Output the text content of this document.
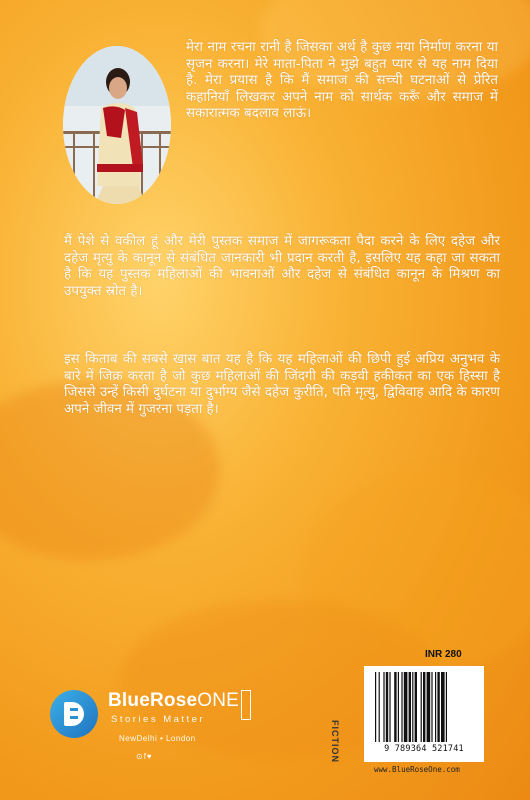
मेरा नाम रचना रानी है जिसका अर्थ है कुछ नया निर्माण करना या सृजन करना। मेरे माता-पिता ने मुझे बहुत प्यार से यह नाम दिया है. मेरा प्रयास है कि मैं समाज की सच्ची घटनाओं से प्रेरित कहानियाँ लिखकर अपने नाम को सार्थक करूँ और समाज में सकारात्मक बदलाव लाऊं।

मैं पेशे से वकील हूं और मेरी पुस्तक समाज में जागरूकता पैदा करने के लिए दहेज और दहेज मृत्यु के कानून से संबंधित जानकारी भी प्रदान करती है, इसलिए यह कहा जा सकता है कि यह पुस्तक महिलाओं की भावनाओं और दहेज से संबंधित कानून के मिश्रण का उपयुक्त स्रोत है।

इस किताब की सबसे खास बात यह है कि यह महिलाओं की छिपी हुई अप्रिय अनुभव के बारे में जिक्र करता है जो कुछ महिलाओं की जिंदगी की कड़वी हकीकत का एक हिस्सा है जिससे उन्हें किसी दुर्घटना या दुर्भाग्य जैसे दहेज कुरीति, पति मृत्यु, द्विविवाह आदि के कारण अपने जीवन में गुजरना पड़ता है।

BlueRoseONE
Stories Matter
NewDelhi • London
⊙f♥	FICTION
INR 280
9 789364 521741
www.BlueRoseOne.com
